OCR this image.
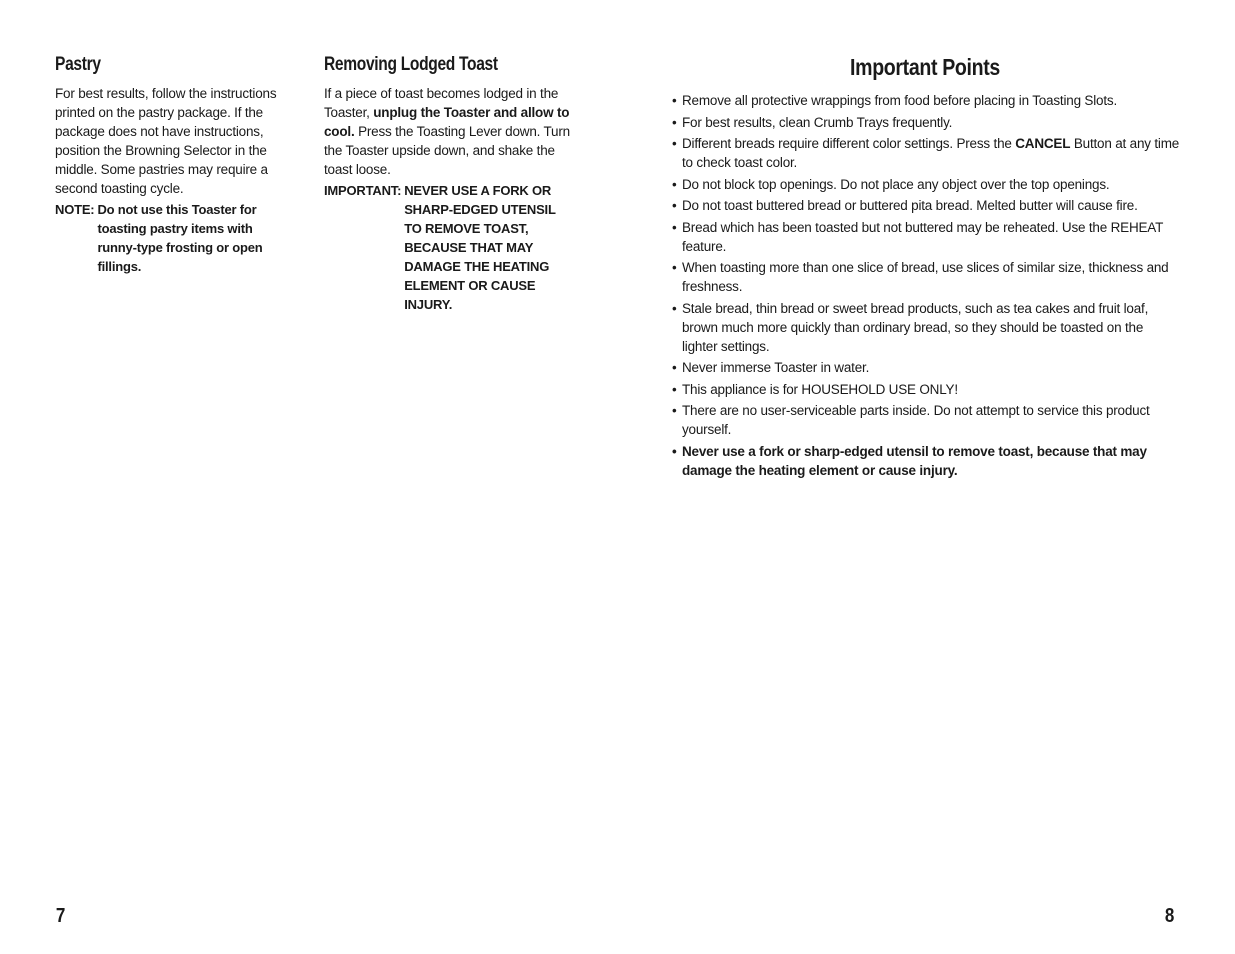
Pastry

For best results, follow the instructions printed on the pastry package. If the package does not have instructions, position the Browning Selector in the middle. Some pastries may require a second toasting cycle.

NOTE: Do not use this Toaster for toasting pastry items with runny-type frosting or open fillings.
Removing Lodged Toast

If a piece of toast becomes lodged in the Toaster, unplug the Toaster and allow to cool. Press the Toasting Lever down. Turn the Toaster upside down, and shake the toast loose.

IMPORTANT: NEVER USE A FORK OR SHARP-EDGED UTENSIL TO REMOVE TOAST, BECAUSE THAT MAY DAMAGE THE HEATING ELEMENT OR CAUSE INJURY.
Important Points
• Remove all protective wrappings from food before placing in Toasting Slots.
• For best results, clean Crumb Trays frequently.
• Different breads require different color settings. Press the CANCEL Button at any time to check toast color.
• Do not block top openings. Do not place any object over the top openings.
• Do not toast buttered bread or buttered pita bread. Melted butter will cause fire.
• Bread which has been toasted but not buttered may be reheated. Use the REHEAT feature.
• When toasting more than one slice of bread, use slices of similar size, thickness and freshness.
• Stale bread, thin bread or sweet bread products, such as tea cakes and fruit loaf, brown much more quickly than ordinary bread, so they should be toasted on the lighter settings.
• Never immerse Toaster in water.
• This appliance is for HOUSEHOLD USE ONLY!
• There are no user-serviceable parts inside. Do not attempt to service this product yourself.
• Never use a fork or sharp-edged utensil to remove toast, because that may damage the heating element or cause injury.
7	8
